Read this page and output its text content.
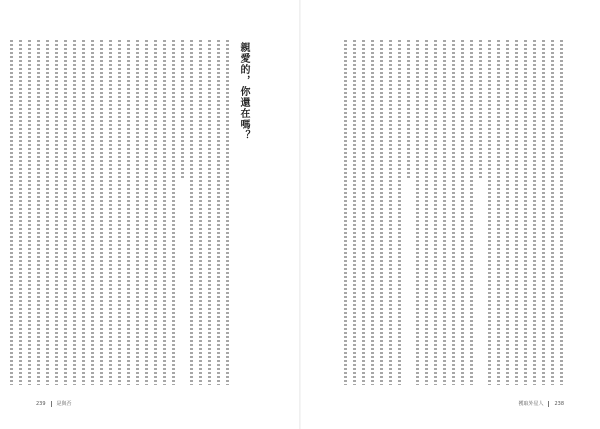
親愛的，你還在嗎？
239 是與否	獲取外星人 238
